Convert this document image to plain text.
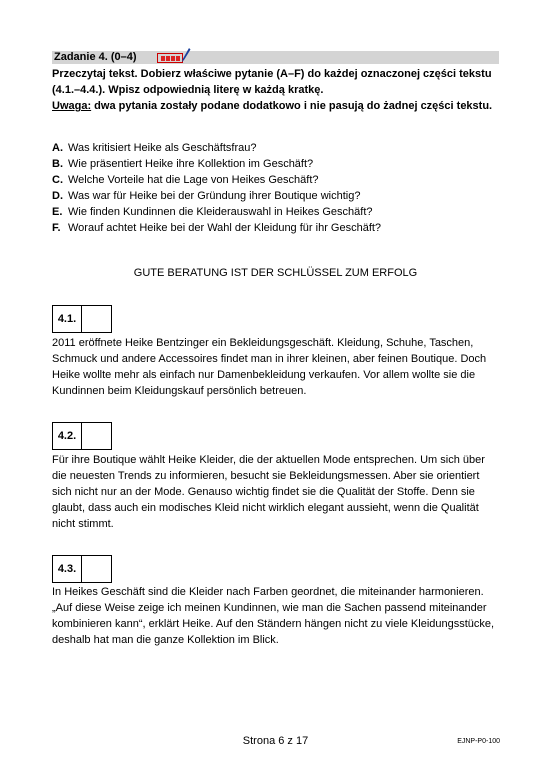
Zadanie 4. (0–4)
Przeczytaj tekst. Dobierz właściwe pytanie (A–F) do każdej oznaczonej części tekstu
(4.1.–4.4.). Wpisz odpowiednią literę w każdą kratkę.
Uwaga: dwa pytania zostały podane dodatkowo i nie pasują do żadnej części tekstu.
A. Was kritisiert Heike als Geschäftsfrau?
B. Wie präsentiert Heike ihre Kollektion im Geschäft?
C. Welche Vorteile hat die Lage von Heikes Geschäft?
D. Was war für Heike bei der Gründung ihrer Boutique wichtig?
E. Wie finden Kundinnen die Kleiderauswahl in Heikes Geschäft?
F. Worauf achtet Heike bei der Wahl der Kleidung für ihr Geschäft?
GUTE BERATUNG IST DER SCHLÜSSEL ZUM ERFOLG
4.1.
2011 eröffnete Heike Bentzinger ein Bekleidungsgeschäft. Kleidung, Schuhe, Taschen, Schmuck und andere Accessoires findet man in ihrer kleinen, aber feinen Boutique. Doch Heike wollte mehr als einfach nur Damenbekleidung verkaufen. Vor allem wollte sie die Kundinnen beim Kleidungskauf persönlich betreuen.
4.2.
Für ihre Boutique wählt Heike Kleider, die der aktuellen Mode entsprechen. Um sich über die neuesten Trends zu informieren, besucht sie Bekleidungsmessen. Aber sie orientiert sich nicht nur an der Mode. Genauso wichtig findet sie die Qualität der Stoffe. Denn sie glaubt, dass auch ein modisches Kleid nicht wirklich elegant aussieht, wenn die Qualität nicht stimmt.
4.3.
In Heikes Geschäft sind die Kleider nach Farben geordnet, die miteinander harmonieren. „Auf diese Weise zeige ich meinen Kundinnen, wie man die Sachen passend miteinander kombinieren kann“, erklärt Heike. Auf den Ständern hängen nicht zu viele Kleidungsstücke, deshalb hat man die ganze Kollektion im Blick.
Strona 6 z 17	EJNP-P0-100
